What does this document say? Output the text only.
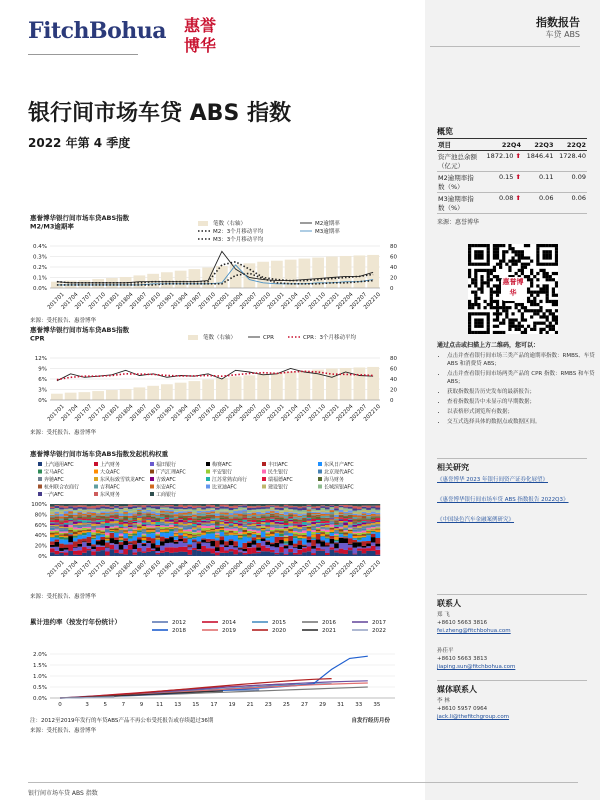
FitchBohua 惠誉
博华
指数报告
车贷 ABS
银行间市场车贷 ABS 指数
2022 年第 4 季度
概览
项目	22Q4	22Q3	22Q2
资产池总余额（亿元）	1872.10 ⬆	1846.41	1728.40
M2逾期率指数（%）	0.15 ⬆	0.11	0.09
M3逾期率指数（%）	0.08 ⬆	0.06	0.06
来源：惠誉博华
惠誉博华
通过点击或扫描上方二维码，您可以：
• 点击并查看银行间市场三类产品的逾期率指数：RMBS、车贷 ABS 和消费贷 ABS；
• 点击并查看银行间市场两类产品的 CPR 指数：RMBS 和车贷 ABS；
• 获取指数报告历史发布的最新报告；
• 查看指数报告中未显示的早期数据；
• 以表格形式浏览所有数据；
• 交互式选择具体的数据点或数据区间。
相关研究
《惠誉博华 2023 年银行间资产证券化展望》
《惠誉博华银行间市场车贷 ABS 指数报告 2022Q3》
《中国绿色汽车金融案例研究》
联系人
郑 飞
+8610 5663 3816
fei.zheng@fitchbohua.com
孙佳平
+8610 5663 3813
jiaping.sun@fitchbohua.com
媒体联系人
李 林
+8610 5957 0964
jack.li@thefitchgroup.com
银行间市场车贷 ABS 指数
惠誉博华银行间市场车贷ABS指数
M2/M3逾期率
0.0%
0.1%
0.2%
0.3%
0.4%
0
20
40
60
80
201701
201704
201707
201710
201801
201804
201807
201810
201901
201904
201907
201910
202001
202004
202007
202010
202101
202104
202107
202110
202201
202204
202207
202210
笔数（右轴）	M2逾期率
M2：3个月移动平均	M3逾期率
M3：3个月移动平均
来源：受托报告、惠誉博华
惠誉博华银行间市场车贷ABS指数
CPR
0%
3%
6%
9%
12%
0
20
40
60
80
201701
201704
201707
201710
201801
201804
201807
201810
201901
201904
201907
201910
202001
202004
202007
202010
202101
202104
202107
202110
202201
202204
202207
202210
笔数（右轴）	CPR	CPR：3个月移动平均
来源：受托报告、惠誉博华
惠誉博华银行间市场车贷ABS指数发起机构权重
上汽通用AFC	上汽财务	福田银行	梅赛AFC	丰田AFC	东风日产AFC
宝马AFC	大众AFC	广汽汇理AFC	平安银行	民生银行	北京现代AFC
奔驰AFC	东风标致雪铁龙AFC 吉致AFC	江苏常熟农商行	瑞福德AFC	海马财务
杭州联合农商行	吉利AFC	东安AFC	比亚迪AFC	建设银行	长城滨银AFC
一汽AFC	东风财务	工商银行
0%
20%
40%
60%
80%
100%
201701
201704
201707
201710
201801
201804
201807
201810
201901
201904
201907
201910
202001
202004
202007
202010
202101
202104
202107
202110
202201
202204
202207
202210
来源：受托报告、惠誉博华
累计违约率（按发行年份统计）	2012	2014	2015	2016	2017
2018	2019	2020	2021	2022
0.0%
0.5%
1.0%
1.5%
2.0%
0	3	5	7	9 11 13 15 17 19 21 23 25 27 29 31 33 35
注：2012至2019年发行的车贷ABS产品不再公布受托报告或存续超过36期	自发行经历月份
来源：受托报告、惠誉博华
